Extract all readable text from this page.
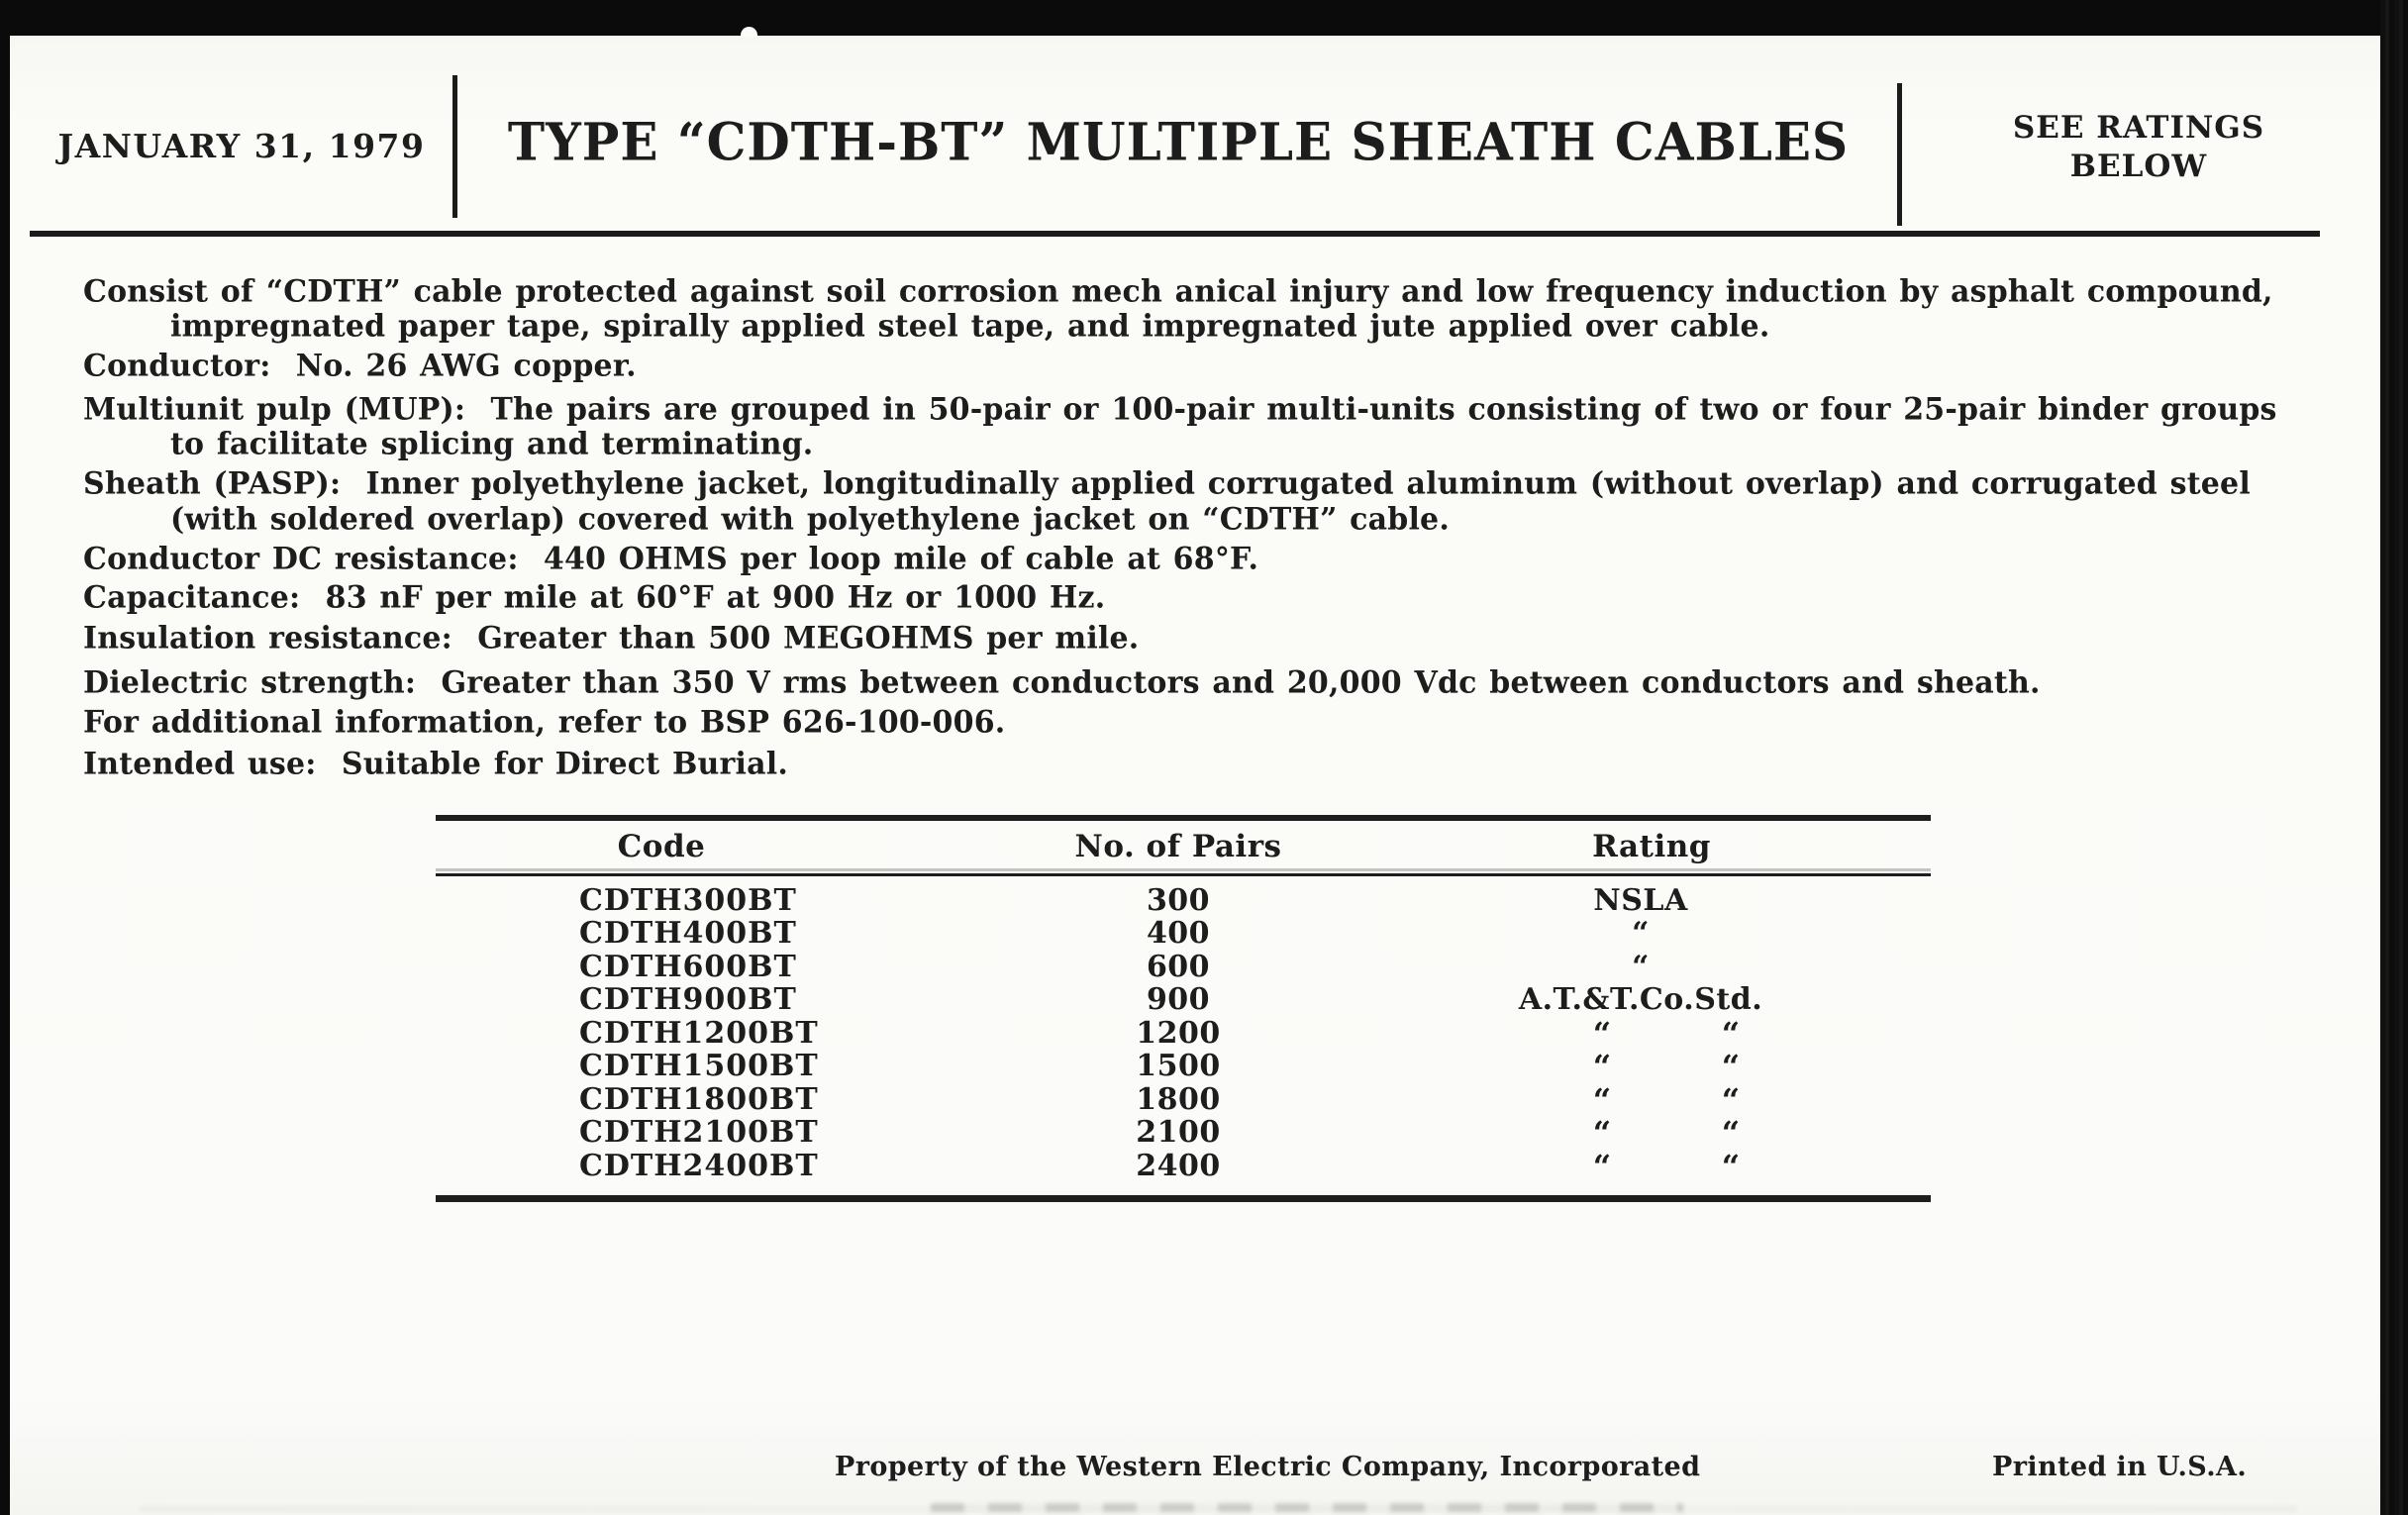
JANUARY 31, 1979	TYPE “CDTH-BT” MULTIPLE SHEATH CABLES	SEE RATINGS
BELOW
Consist of “CDTH” cable protected against soil corrosion mech anical injury and low frequency induction by asphalt compound,
impregnated paper tape, spirally applied steel tape, and impregnated jute applied over cable.
Conductor:  No. 26 AWG copper.
Multiunit pulp (MUP):  The pairs are grouped in 50-pair or 100-pair multi-units consisting of two or four 25-pair binder groups
to facilitate splicing and terminating.
Sheath (PASP):  Inner polyethylene jacket, longitudinally applied corrugated aluminum (without overlap) and corrugated steel
(with soldered overlap) covered with polyethylene jacket on “CDTH” cable.
Conductor DC resistance:  440 OHMS per loop mile of cable at 68°F.
Capacitance:  83 nF per mile at 60°F at 900 Hz or 1000 Hz.
Insulation resistance:  Greater than 500 MEGOHMS per mile.
Dielectric strength:  Greater than 350 V rms between conductors and 20,000 Vdc between conductors and sheath.
For additional information, refer to BSP 626-100-006.
Intended use:  Suitable for Direct Burial.
Code	No. of Pairs	Rating
CDTH300BT	300	NSLA
CDTH400BT	400	“
CDTH600BT	600	“
CDTH900BT	900	A.T.&T.Co.Std.
CDTH1200BT	1200	“	“
CDTH1500BT	1500	“	“
CDTH1800BT	1800	“	“
CDTH2100BT	2100	“	“
CDTH2400BT	2400	“	“
Property of the Western Electric Company, Incorporated	Printed in U.S.A.
